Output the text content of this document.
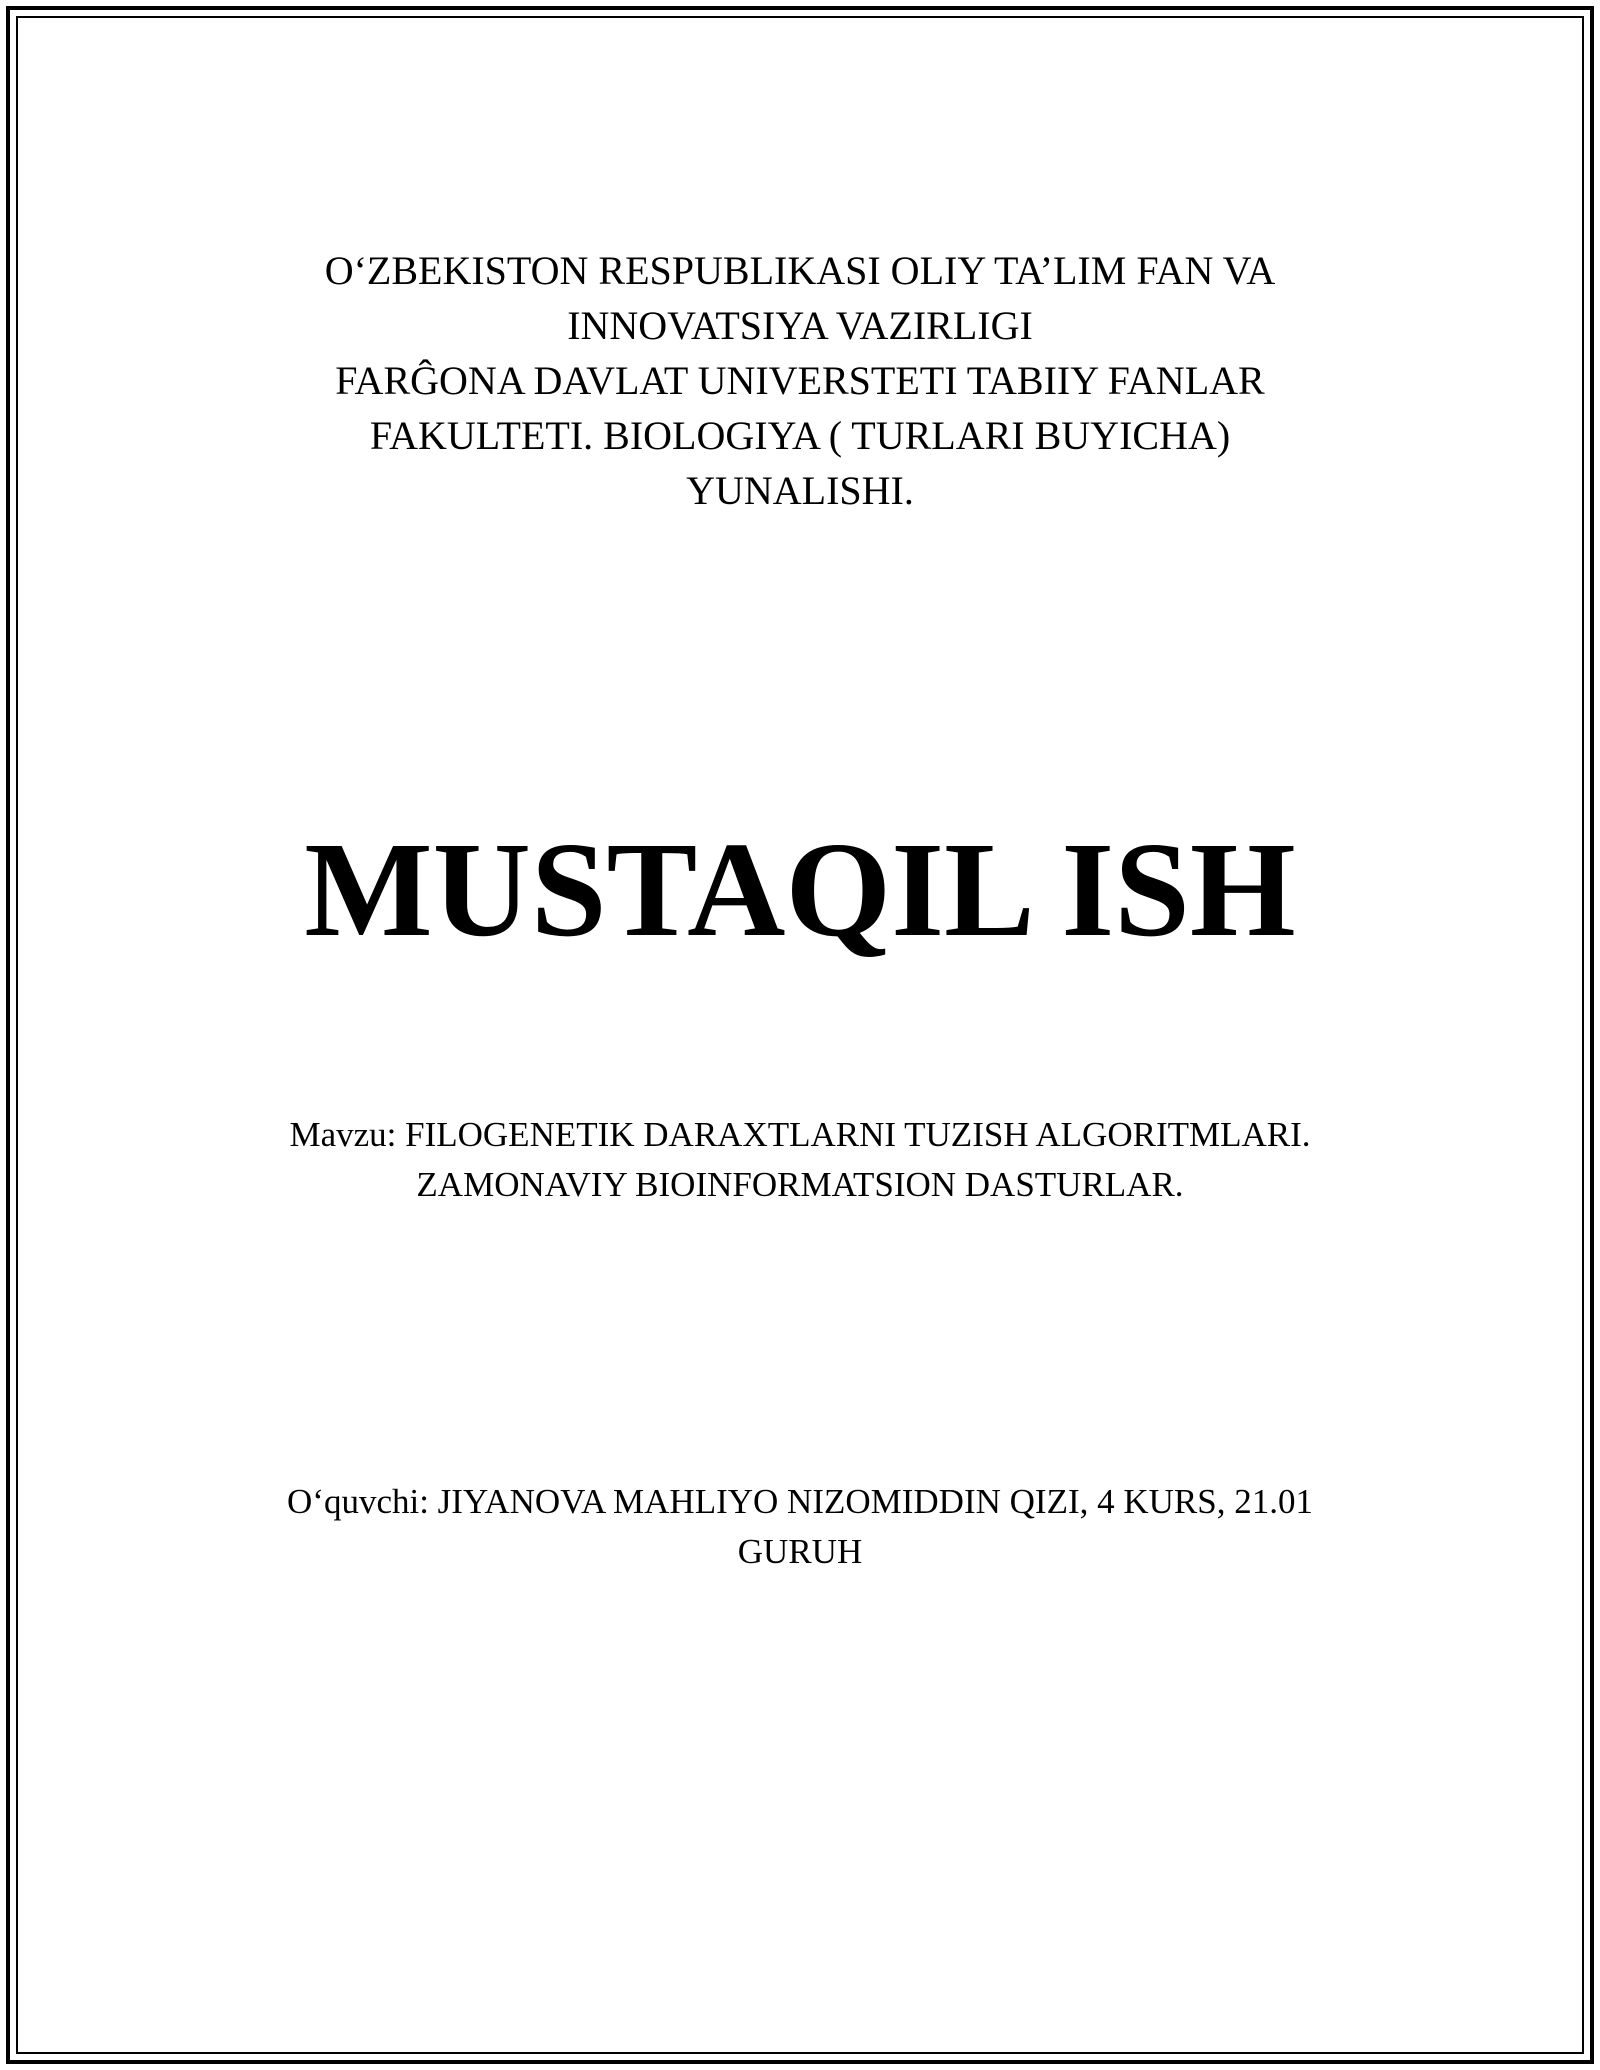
O‘ZBEKISTON RESPUBLIKASI OLIY TA’LIM FAN VA
INNOVATSIYA VAZIRLIGI
FARĜONA DAVLAT UNIVERSTETI TABIIY FANLAR
FAKULTETI. BIOLOGIYA ( TURLARI BUYICHA)
YUNALISHI.
MUSTAQIL ISH
Mavzu: FILOGENETIK DARAXTLARNI TUZISH ALGORITMLARI.
ZAMONAVIY BIOINFORMATSION DASTURLAR.
O‘quvchi: JIYANOVA MAHLIYO NIZOMIDDIN QIZI, 4 KURS, 21.01
GURUH
